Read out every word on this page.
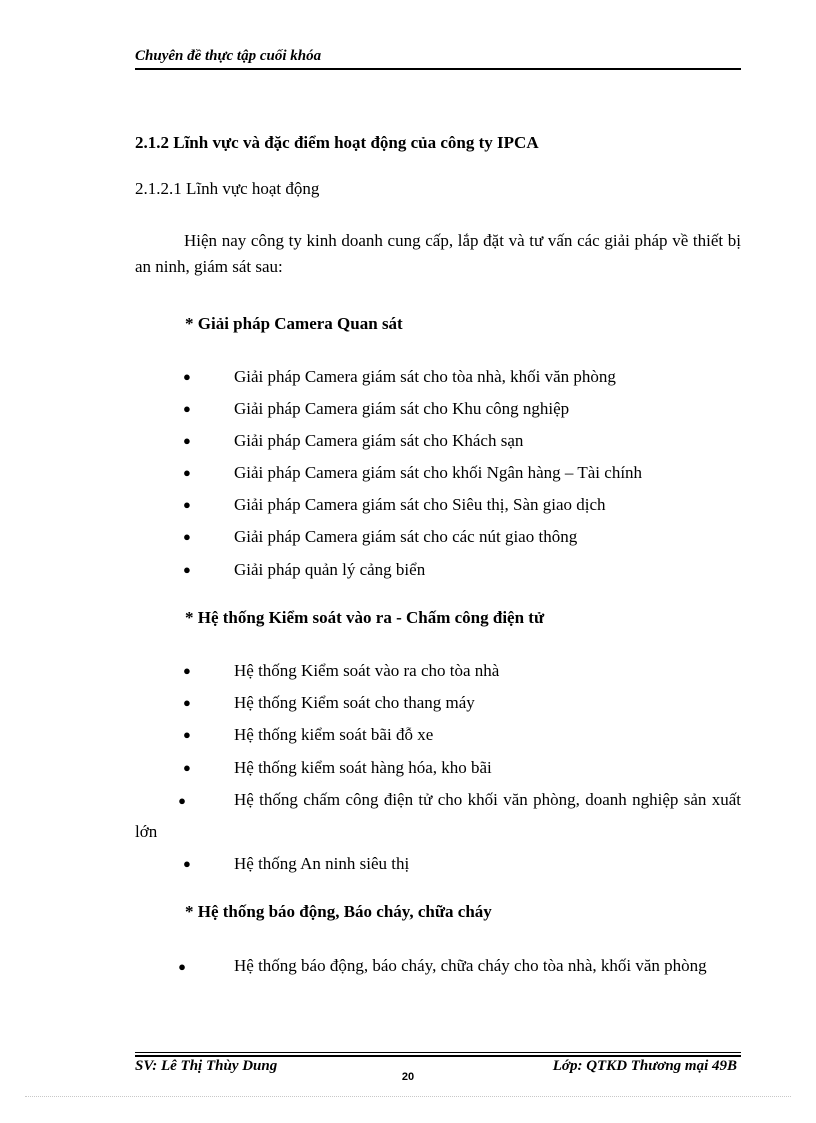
Chuyên đề thực tập cuối khóa
2.1.2 Lĩnh vực và đặc điểm hoạt động của công ty IPCA
2.1.2.1 Lĩnh vực hoạt động
Hiện nay công ty kinh doanh cung cấp, lắp đặt và tư vấn các giải pháp về thiết bị an ninh, giám sát sau:
* Giải pháp Camera Quan sát
●	Giải pháp Camera giám sát cho tòa nhà, khối văn phòng
●	Giải pháp Camera giám sát cho Khu công nghiệp
●	Giải pháp Camera giám sát cho Khách sạn
●	Giải pháp Camera giám sát cho khối Ngân hàng – Tài chính
●	Giải pháp Camera giám sát cho Siêu thị, Sàn giao dịch
●	Giải pháp Camera giám sát cho các nút giao thông
●	Giải pháp quản lý cảng biển
* Hệ thống Kiểm soát vào ra - Chấm công điện tử
●	Hệ thống Kiểm soát vào ra cho tòa nhà
●	Hệ thống Kiểm soát cho thang máy
●	Hệ thống kiểm soát bãi đỗ xe
●	Hệ thống kiểm soát hàng hóa, kho bãi
●	Hệ thống chấm công điện tử cho khối văn phòng, doanh nghiệp sản xuất lớn
●	Hệ thống An ninh siêu thị
* Hệ thống báo động, Báo cháy, chữa cháy
●	Hệ thống báo động, báo cháy, chữa cháy cho tòa nhà, khối văn phòng
SV: Lê Thị Thùy Dung	Lớp: QTKD Thương mại 49B
20
